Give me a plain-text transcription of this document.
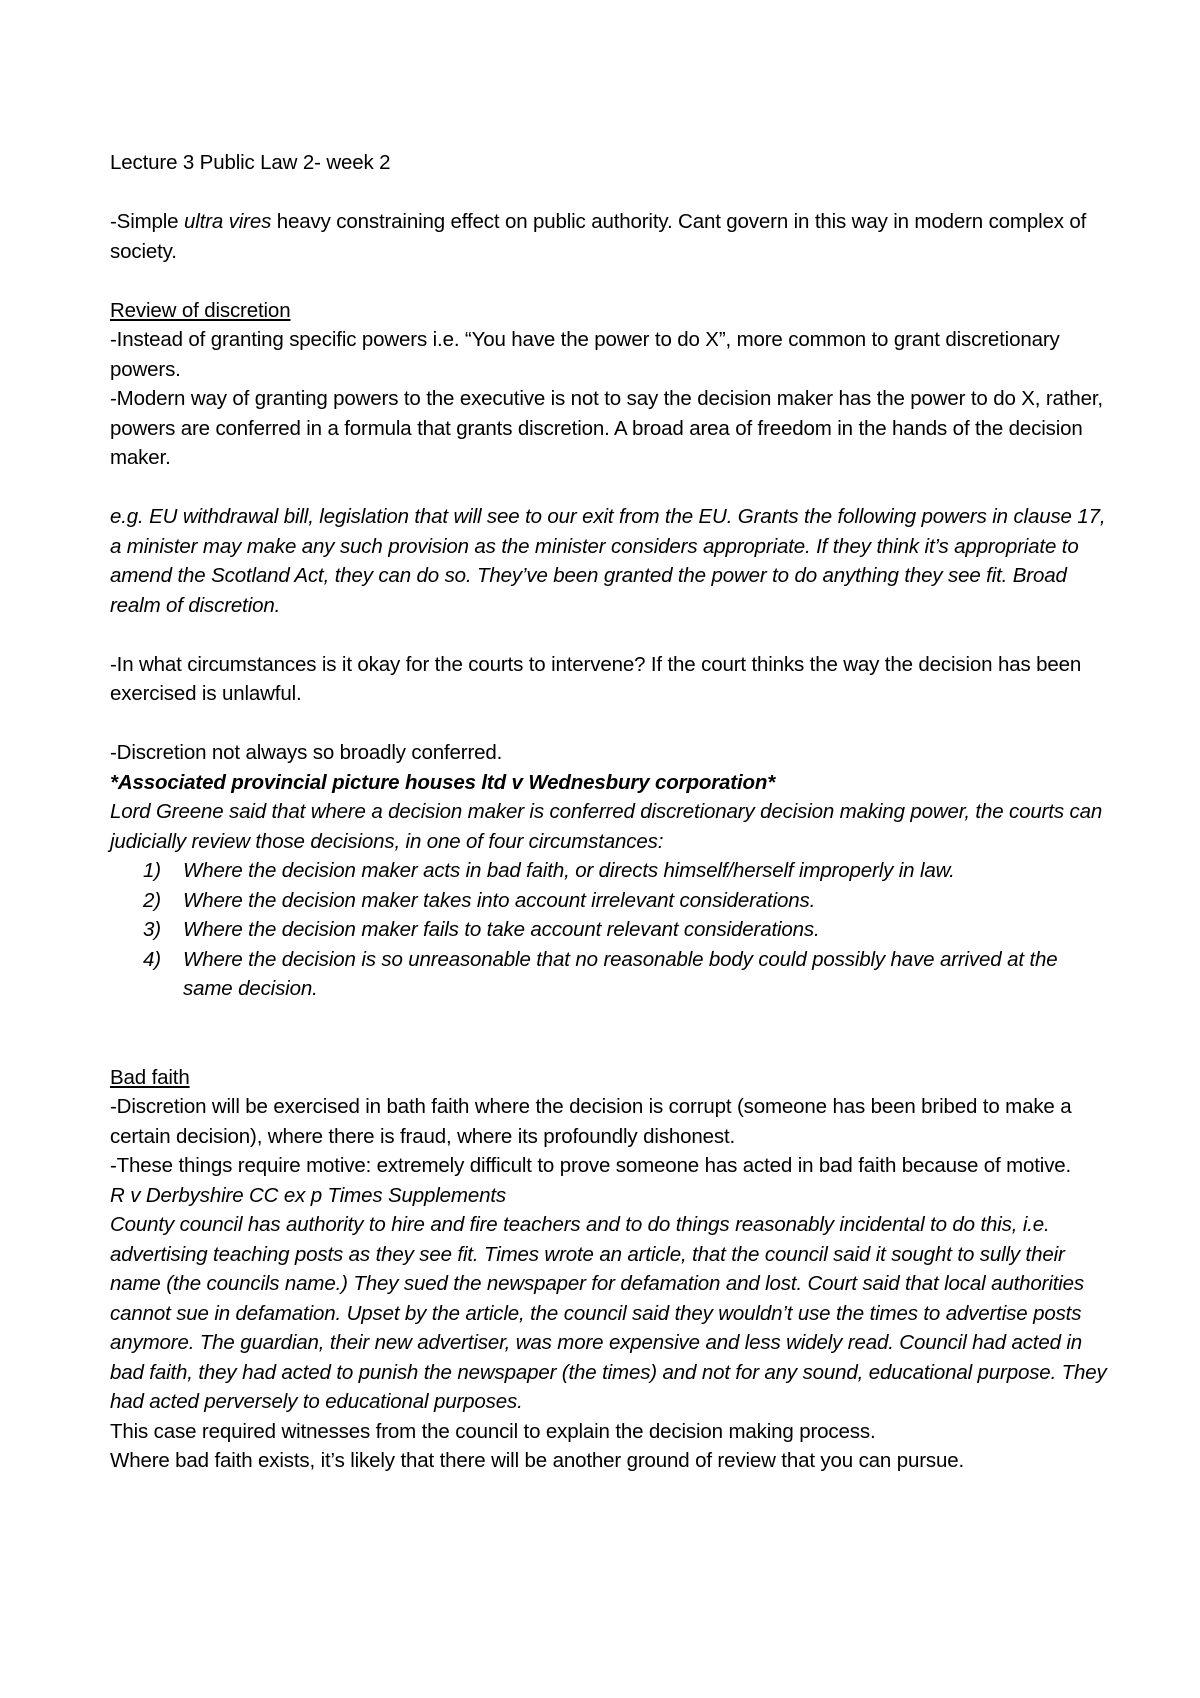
Lecture 3 Public Law 2- week 2

-Simple ultra vires heavy constraining effect on public authority. Cant govern in this way in modern complex of society.

Review of discretion

-Instead of granting specific powers i.e. “You have the power to do X”, more common to grant discretionary powers.

-Modern way of granting powers to the executive is not to say the decision maker has the power to do X, rather, powers are conferred in a formula that grants discretion. A broad area of freedom in the hands of the decision maker.

e.g. EU withdrawal bill, legislation that will see to our exit from the EU. Grants the following powers in clause 17, a minister may make any such provision as the minister considers appropriate. If they think it’s appropriate to amend the Scotland Act, they can do so. They’ve been granted the power to do anything they see fit. Broad realm of discretion.

-In what circumstances is it okay for the courts to intervene? If the court thinks the way the decision has been exercised is unlawful.

-Discretion not always so broadly conferred.

*Associated provincial picture houses ltd v Wednesbury corporation*

Lord Greene said that where a decision maker is conferred discretionary decision making power, the courts can judicially review those decisions, in one of four circumstances:

1) Where the decision maker acts in bad faith, or directs himself/herself improperly in law.
2) Where the decision maker takes into account irrelevant considerations.
3) Where the decision maker fails to take account relevant considerations.
4) Where the decision is so unreasonable that no reasonable body could possibly have arrived at the same decision.

Bad faith

-Discretion will be exercised in bath faith where the decision is corrupt (someone has been bribed to make a certain decision), where there is fraud, where its profoundly dishonest.

-These things require motive: extremely difficult to prove someone has acted in bad faith because of motive.

R v Derbyshire CC ex p Times Supplements

County council has authority to hire and fire teachers and to do things reasonably incidental to do this, i.e. advertising teaching posts as they see fit. Times wrote an article, that the council said it sought to sully their name (the councils name.) They sued the newspaper for defamation and lost. Court said that local authorities cannot sue in defamation. Upset by the article, the council said they wouldn’t use the times to advertise posts anymore. The guardian, their new advertiser, was more expensive and less widely read. Council had acted in bad faith, they had acted to punish the newspaper (the times) and not for any sound, educational purpose. They had acted perversely to educational purposes.

This case required witnesses from the council to explain the decision making process.

Where bad faith exists, it’s likely that there will be another ground of review that you can pursue.
